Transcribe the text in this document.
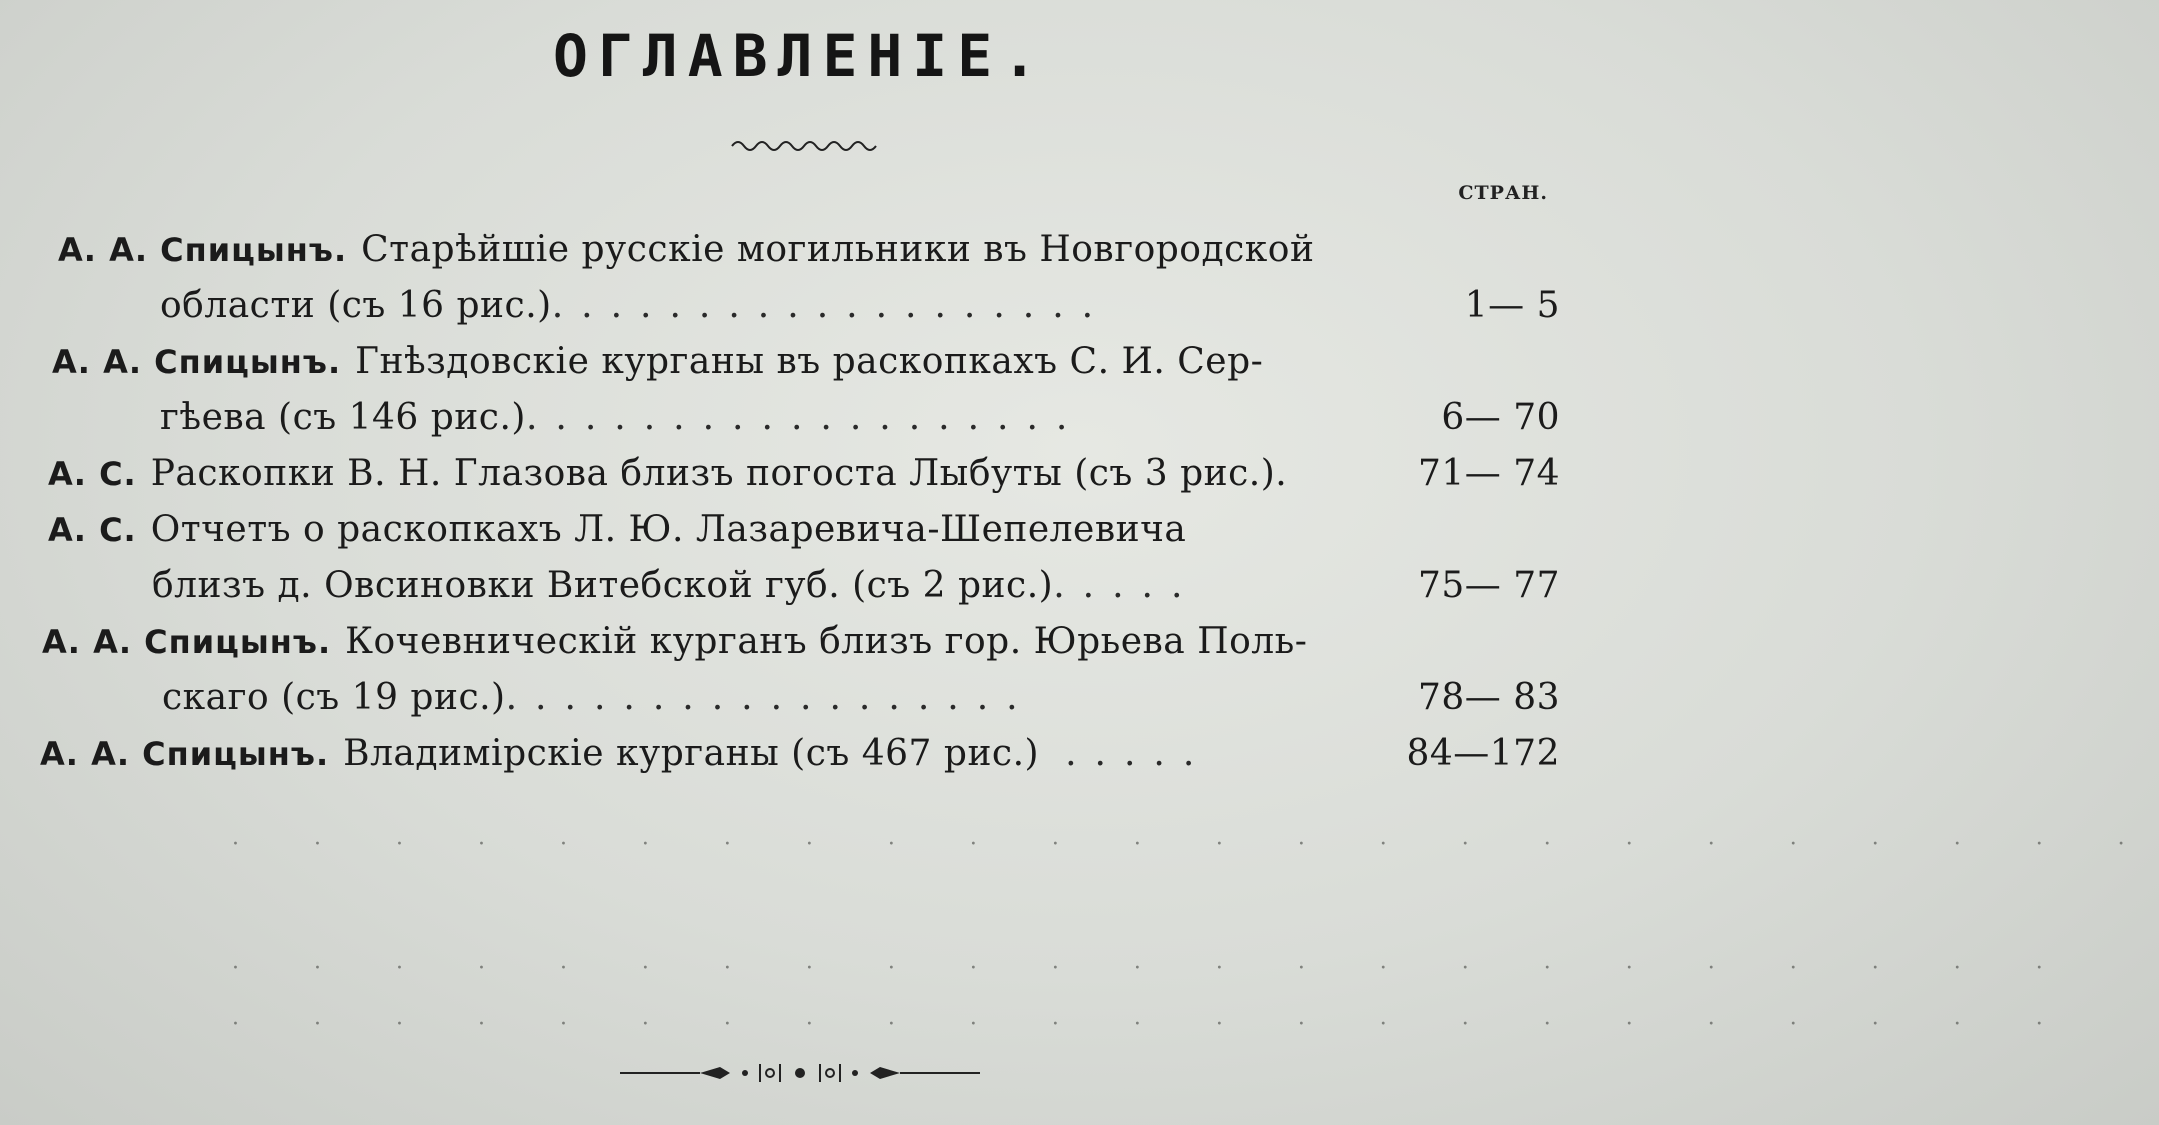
ОГЛАВЛЕНІЕ.
СТРАН.
А. А. Спицынъ. Старѣйшіе русскіе могильники въ Новгородской
области (съ 16 рис.)...................	1— 5
А. А. Спицынъ. Гнѣздовскіе курганы въ раскопкахъ С. И. Сер-
гѣева (съ 146 рис.)...................	6— 70
А. С. Раскопки В. Н. Глазова близъ погоста Лыбуты (съ 3 рис.).	71— 74
А. С. Отчетъ о раскопкахъ Л. Ю. Лазаревича-Шепелевича
близъ д. Овсиновки Витебской губ. (съ 2 рис.).....	75— 77
А. А. Спицынъ. Кочевническій курганъ близъ гор. Юрьева Поль-
скаго (съ 19 рис.)..................	78— 83
А. А. Спицынъ. Владимірскіе курганы (съ 467 рис.) .....	84—172
· · · · · · · · · · · · · · · · · · · · · · · ·
· · · · · · · · · · · · · · · · · · · · · · ·
· · · · · · · · · · · · · · · · · · · · · · ·
